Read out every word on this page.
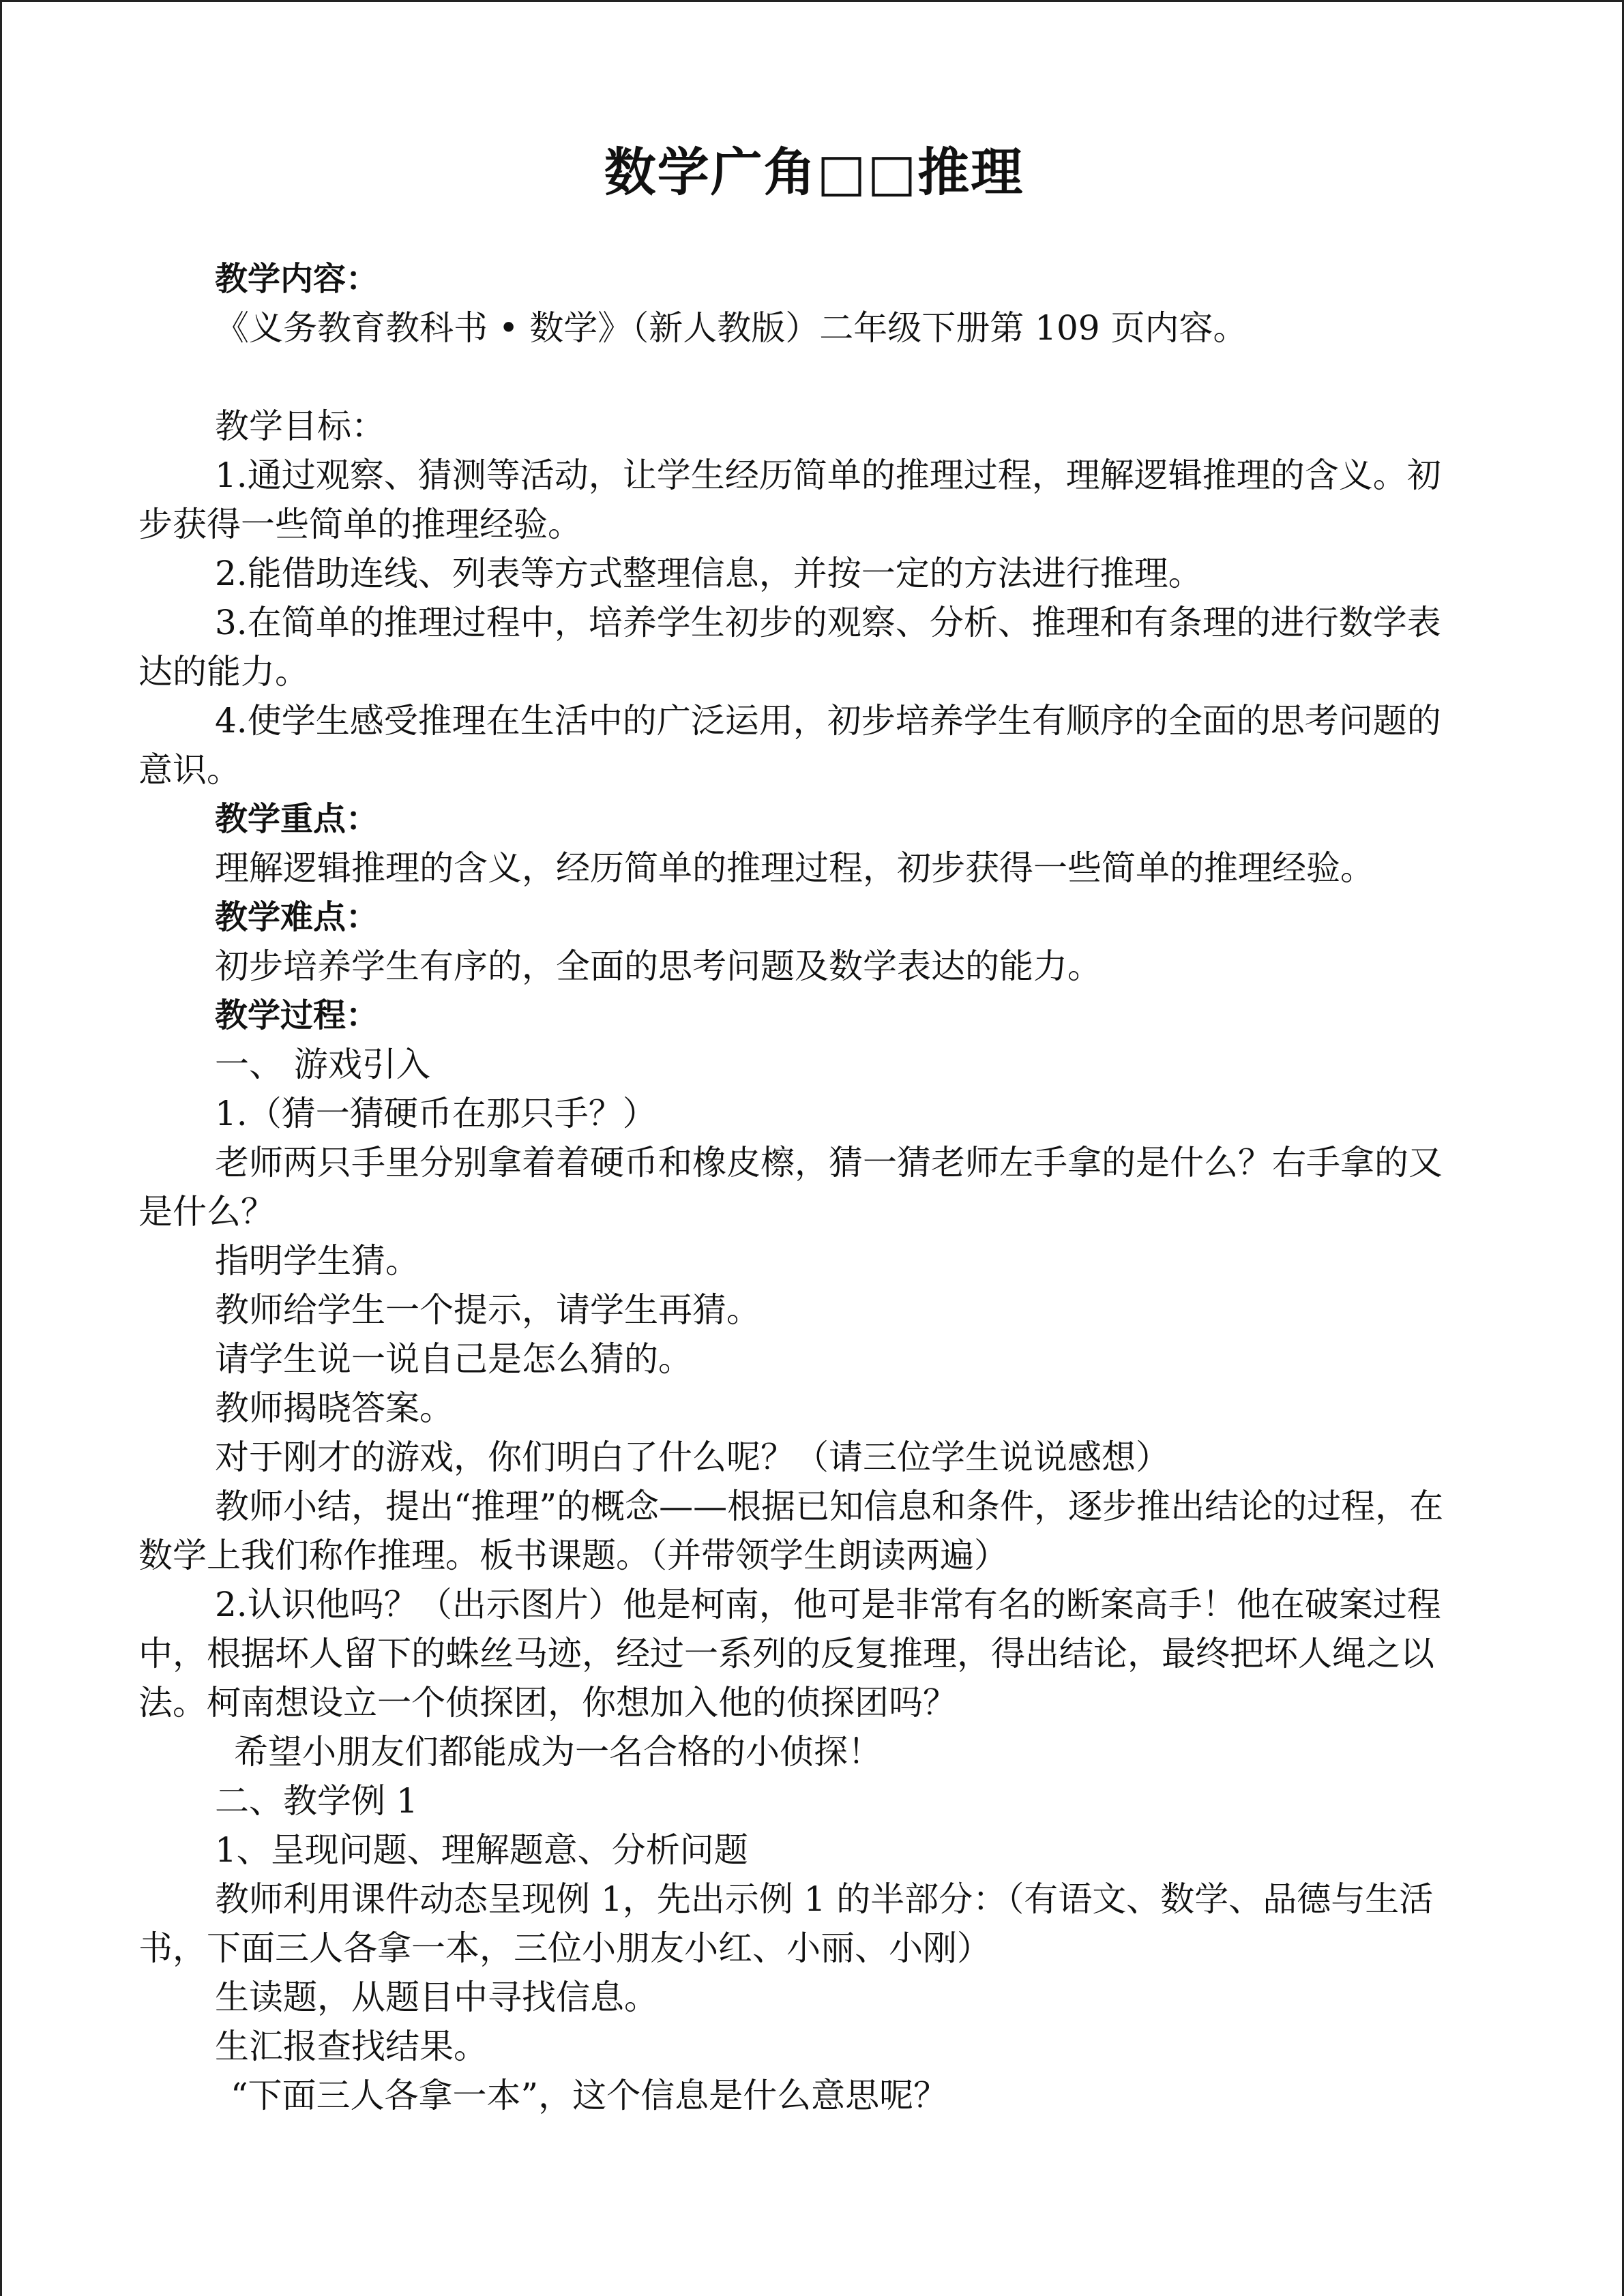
数学广角□□推理

教学内容：

《义务教育教科书 • 数学》（新人教版）二年级下册第 109 页内容。

教学目标：

1.通过观察、猜测等活动，让学生经历简单的推理过程，理解逻辑推理的含义。初步获得一些简单的推理经验。

2.能借助连线、列表等方式整理信息，并按一定的方法进行推理。

3.在简单的推理过程中，培养学生初步的观察、分析、推理和有条理的进行数学表达的能力。

4.使学生感受推理在生活中的广泛运用，初步培养学生有顺序的全面的思考问题的意识。

教学重点：

理解逻辑推理的含义，经历简单的推理过程，初步获得一些简单的推理经验。

教学难点：

初步培养学生有序的，全面的思考问题及数学表达的能力。

教学过程：

一、 游戏引入

1.（猜一猜硬币在那只手？）

老师两只手里分别拿着着硬币和橡皮檫，猜一猜老师左手拿的是什么？右手拿的又是什么？

指明学生猜。

教师给学生一个提示，请学生再猜。

请学生说一说自己是怎么猜的。

教师揭晓答案。

对于刚才的游戏，你们明白了什么呢？（请三位学生说说感想）

教师小结，提出“推理”的概念——根据已知信息和条件，逐步推出结论的过程，在数学上我们称作推理。板书课题。（并带领学生朗读两遍）

2.认识他吗？（出示图片）他是柯南，他可是非常有名的断案高手！他在破案过程中，根据坏人留下的蛛丝马迹，经过一系列的反复推理，得出结论，最终把坏人绳之以法。柯南想设立一个侦探团，你想加入他的侦探团吗？

希望小朋友们都能成为一名合格的小侦探！

二、教学例 1

1、呈现问题、理解题意、分析问题

教师利用课件动态呈现例 1，先出示例 1 的半部分：（有语文、数学、品德与生活书，下面三人各拿一本，三位小朋友小红、小丽、小刚）

生读题，从题目中寻找信息。

生汇报查找结果。

“下面三人各拿一本”，这个信息是什么意思呢？
